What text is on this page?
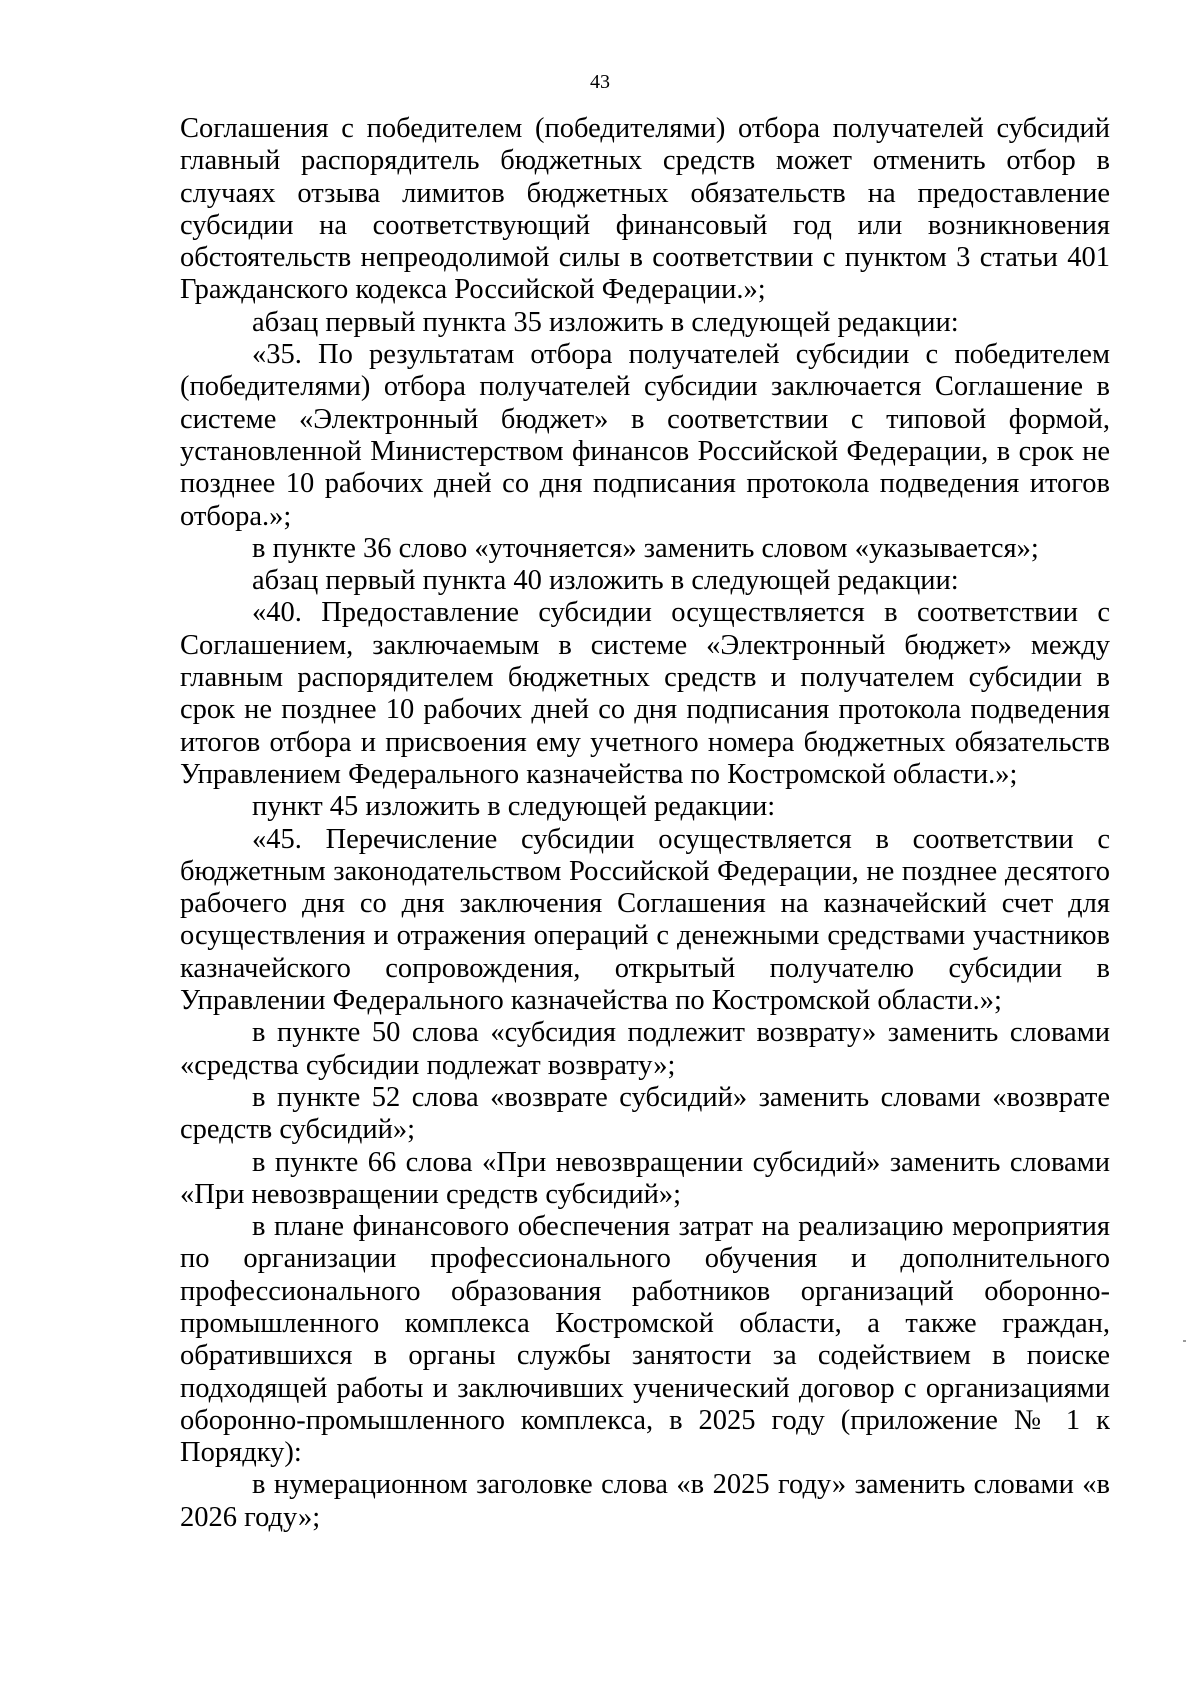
43

Соглашения с победителем (победителями) отбора получателей субсидий главный распорядитель бюджетных средств может отменить отбор в случаях отзыва лимитов бюджетных обязательств на предоставление субсидии на соответствующий финансовый год или возникновения обстоятельств непреодолимой силы в соответствии с пунктом 3 статьи 401 Гражданского кодекса Российской Федерации.»;

абзац первый пункта 35 изложить в следующей редакции:

«35. По результатам отбора получателей субсидии с победителем (победителями) отбора получателей субсидии заключается Соглашение в системе «Электронный бюджет» в соответствии с типовой формой, установленной Министерством финансов Российской Федерации, в срок не позднее 10 рабочих дней со дня подписания протокола подведения итогов отбора.»;

в пункте 36 слово «уточняется» заменить словом «указывается»;

абзац первый пункта 40 изложить в следующей редакции:

«40. Предоставление субсидии осуществляется в соответствии с Соглашением, заключаемым в системе «Электронный бюджет» между главным распорядителем бюджетных средств и получателем субсидии в срок не позднее 10 рабочих дней со дня подписания протокола подведения итогов отбора и присвоения ему учетного номера бюджетных обязательств Управлением Федерального казначейства по Костромской области.»;

пункт 45 изложить в следующей редакции:

«45. Перечисление субсидии осуществляется в соответствии с бюджетным законодательством Российской Федерации, не позднее десятого рабочего дня со дня заключения Соглашения на казначейский счет для осуществления и отражения операций с денежными средствами участников казначейского сопровождения, открытый получателю субсидии в Управлении Федерального казначейства по Костромской области.»;

в пункте 50 слова «субсидия подлежит возврату» заменить словами «средства субсидии подлежат возврату»;

в пункте 52 слова «возврате субсидий» заменить словами «возврате средств субсидий»;

в пункте 66 слова «При невозвращении субсидий» заменить словами «При невозвращении средств субсидий»;

в плане финансового обеспечения затрат на реализацию мероприятия по организации профессионального обучения и дополнительного профессионального образования работников организаций оборонно-промышленного комплекса Костромской области, а также граждан, обратившихся в органы службы занятости за содействием в поиске подходящей работы и заключивших ученический договор с организациями оборонно-промышленного комплекса, в 2025 году (приложение № 1 к Порядку):

в нумерационном заголовке слова «в 2025 году» заменить словами «в 2026 году»;
